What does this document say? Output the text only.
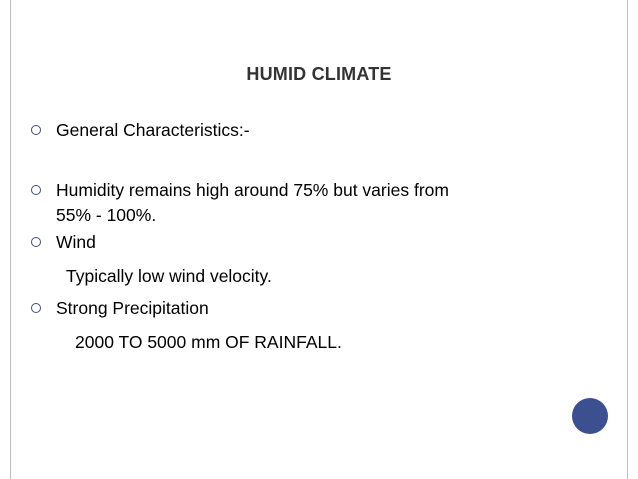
HUMID CLIMATE
General Characteristics:-
Humidity remains high around 75% but varies from
55% - 100%.
Wind
Typically low wind velocity.
Strong Precipitation
2000 TO 5000 mm OF RAINFALL.
